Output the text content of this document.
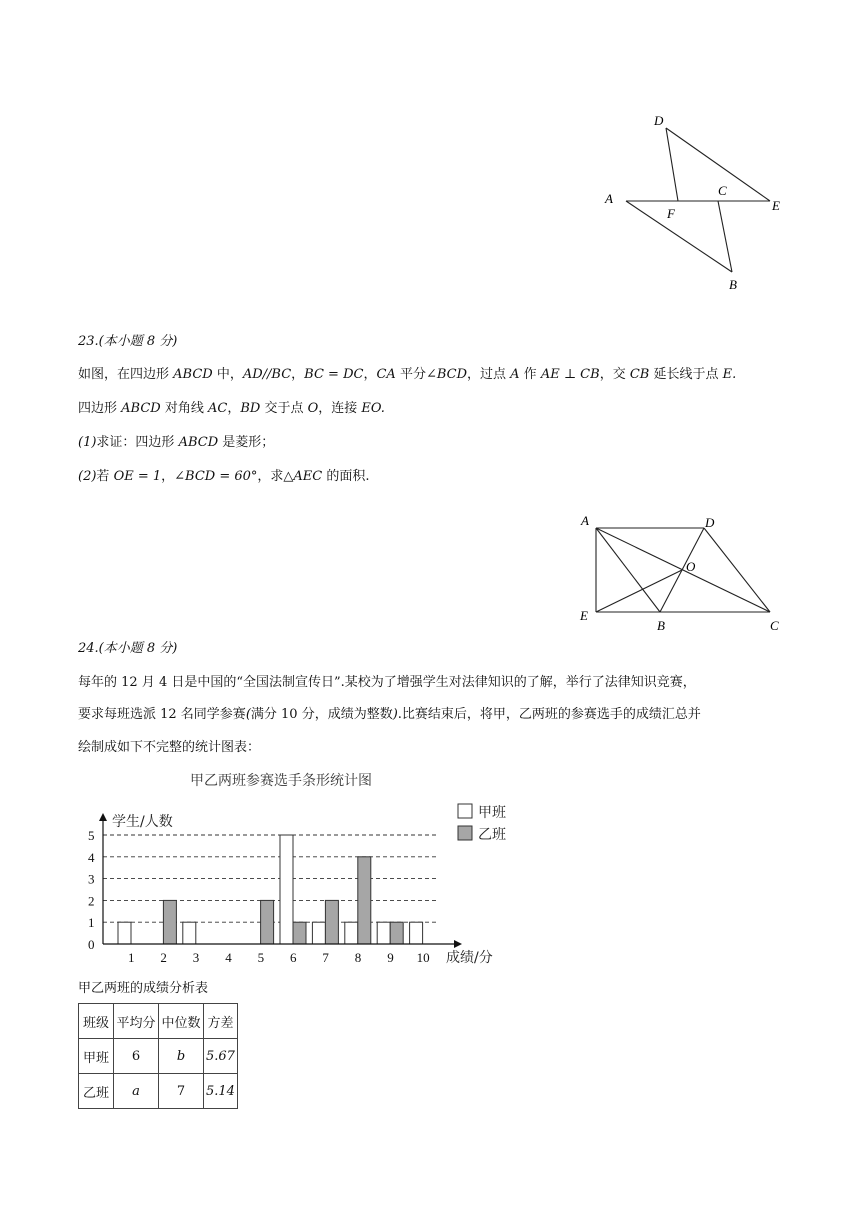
D
A
C
E
F
B
23.(本小题 8 分)
如图，在四边形 ABCD 中，AD//BC，BC = DC，CA 平分∠BCD，过点 A 作 AE ⊥ CB，交 CB 延长线于点 E.
四边形 ABCD 对角线 AC，BD 交于点 O，连接 EO.
(1)求证：四边形 ABCD 是菱形；
(2)若 OE = 1，∠BCD = 60°，求△AEC 的面积.
A	D
O
E
B	C
24.(本小题 8 分)
每年的 12 月 4 日是中国的“全国法制宣传日”.某校为了增强学生对法律知识的了解，举行了法律知识竞赛，
要求每班选派 12 名同学参赛(满分 10 分，成绩为整数).比赛结束后，将甲，乙两班的参赛选手的成绩汇总并
绘制成如下不完整的统计图表：
甲乙两班参赛选手条形统计图
学生/人数
成绩/分
0
1
2
3
4
5
1 2 3 4 5 6 7 8 9 10
甲班
乙班
甲乙两班的成绩分析表
班级	平均分	中位数	方差
甲班	6	b	5.67
乙班	a	7	5.14
